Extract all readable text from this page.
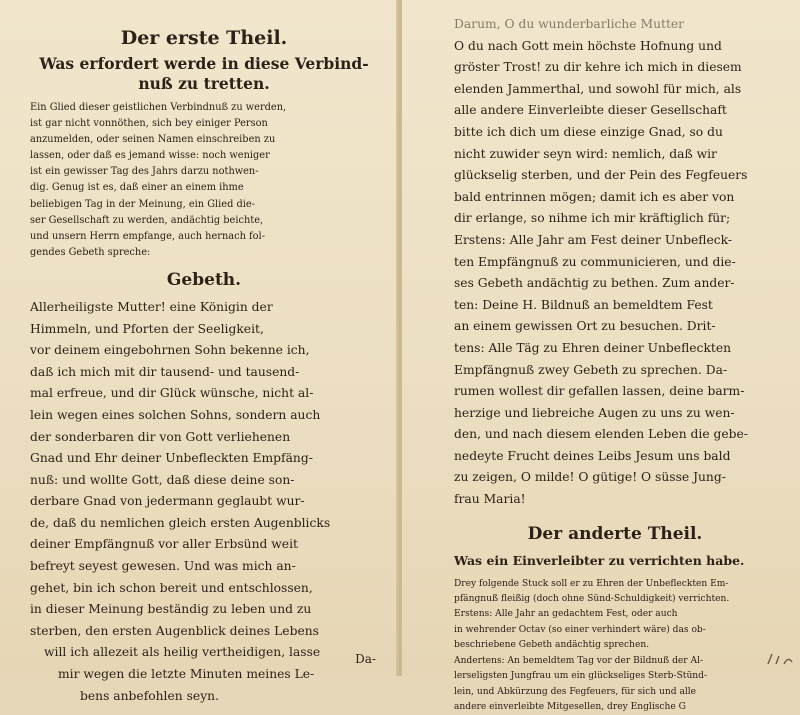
Der erste Theil.
Was erfordert werde in diese Verbind-
nuß zu tretten.
Ein Glied dieser geistlichen Verbindnuß zu werden,
ist gar nicht vonnöthen, sich bey einiger Person
anzumelden, oder seinen Namen einschreiben zu
lassen, oder daß es jemand wisse: noch weniger
ist ein gewisser Tag des Jahrs darzu nothwen-
dig. Genug ist es, daß einer an einem ihme
beliebigen Tag in der Meinung, ein Glied die-
ser Gesellschaft zu werden, andächtig beichte,
und unsern Herrn empfange, auch hernach fol-
gendes Gebeth spreche:
Gebeth.
Allerheiligste Mutter! eine Königin der
Himmeln, und Pforten der Seeligkeit,
vor deinem eingebohrnen Sohn bekenne ich,
daß ich mich mit dir tausend- und tausend-
mal erfreue, und dir Glück wünsche, nicht al-
lein wegen eines solchen Sohns, sondern auch
der sonderbaren dir von Gott verliehenen
Gnad und Ehr deiner Unbefleckten Empfäng-
nuß: und wollte Gott, daß diese deine son-
derbare Gnad von jedermann geglaubt wur-
de, daß du nemlichen gleich ersten Augenblicks
deiner Empfängnuß vor aller Erbsünd weit
befreyt seyest gewesen. Und was mich an-
gehet, bin ich schon bereit und entschlossen,
in dieser Meinung beständig zu leben und zu
sterben, den ersten Augenblick deines Lebens
will ich allezeit als heilig vertheidigen, lasse
mir wegen die letzte Minuten meines Le-
bens anbefohlen seyn.
Da-
Darum, O du wunderbarliche Mutter
O du nach Gott mein höchste Hofnung und
gröster Trost! zu dir kehre ich mich in diesem
elenden Jammerthal, und sowohl für mich, als
alle andere Einverleibte dieser Gesellschaft
bitte ich dich um diese einzige Gnad, so du
nicht zuwider seyn wird: nemlich, daß wir
glückselig sterben, und der Pein des Fegfeuers
bald entrinnen mögen; damit ich es aber von
dir erlange, so nihme ich mir kräftiglich für;
Erstens: Alle Jahr am Fest deiner Unbefleck-
ten Empfängnuß zu communicieren, und die-
ses Gebeth andächtig zu bethen. Zum ander-
ten: Deine H. Bildnuß an bemeldtem Fest
an einem gewissen Ort zu besuchen. Drit-
tens: Alle Täg zu Ehren deiner Unbefleckten
Empfängnuß zwey Gebeth zu sprechen. Da-
rumen wollest dir gefallen lassen, deine barm-
herzige und liebreiche Augen zu uns zu wen-
den, und nach diesem elenden Leben die gebe-
nedeyte Frucht deines Leibs Jesum uns bald
zu zeigen, O milde! O gütige! O süsse Jung-
frau Maria!
Der anderte Theil.
Was ein Einverleibter zu verrichten habe.
Drey folgende Stuck soll er zu Ehren der Unbefleckten Em-
pfängnuß fleißig (doch ohne Sünd-Schuldigkeit) verrichten.
Erstens: Alle Jahr an gedachtem Fest, oder auch
in wehrender Octav (so einer verhindert wäre) das ob-
beschriebene Gebeth andächtig sprechen.
Andertens: An bemeldtem Tag vor der Bildnuß der Al-
lerseligsten Jungfrau um ein glückseliges Sterb-Stünd-
lein, und Abkürzung des Fegfeuers, für sich und alle
andere einverleibte Mitgesellen, drey Englische G
